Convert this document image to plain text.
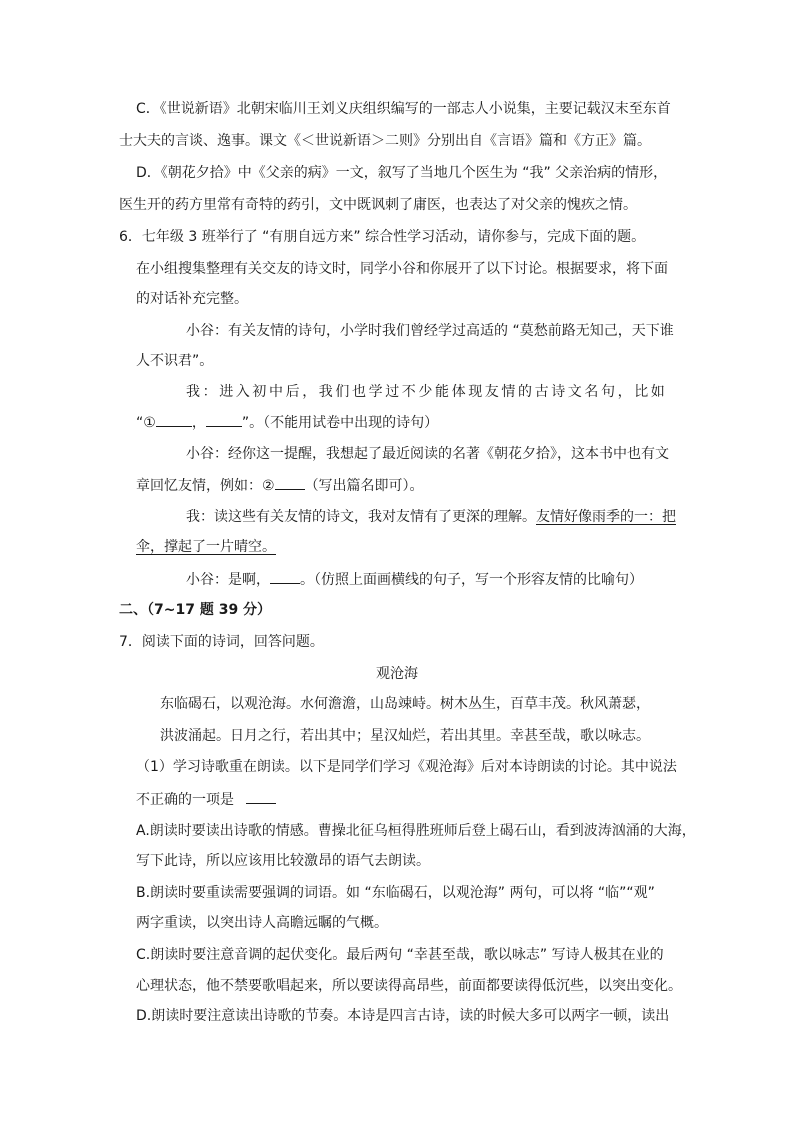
C．《世说新语》北朝宋临川王刘义庆组织编写的一部志人小说集，主要记载汉末至东首
士大夫的言谈、逸事。课文《＜世说新语＞二则》分别出自《言语》篇和《方正》篇。
D．《朝花夕拾》中《父亲的病》一文，叙写了当地几个医生为 “我” 父亲治病的情形，
医生开的药方里常有奇特的药引，文中既讽刺了庸医，也表达了对父亲的愧疚之情。
6．七年级 3 班举行了 “有朋自远方来” 综合性学习活动，请你参与，完成下面的题。
在小组搜集整理有关交友的诗文时，同学小谷和你展开了以下讨论。根据要求，将下面
的对话补充完整。
小谷：有关友情的诗句，小学时我们曾经学过高适的 “莫愁前路无知己，天下谁
人不识君”。
我：进入初中后，我们也学过不少能体现友情的古诗文名句，比如
“①	，	”。（不能用试卷中出现的诗句）
小谷：经你这一提醒，我想起了最近阅读的名著《朝花夕拾》，这本书中也有文
章回忆友情，例如：② （写出篇名即可）。
我：读这些有关友情的诗文，我对友情有了更深的理解。友情好像雨季的一：把
伞，撑起了一片晴空。
小谷：是啊， 。（仿照上面画横线的句子，写一个形容友情的比喻句）
二、（7~17 题 39 分）
7．阅读下面的诗词，回答问题。
观沧海
东临碣石，以观沧海。水何澹澹，山岛竦峙。树木丛生，百草丰茂。秋风萧瑟，
洪波涌起。日月之行，若出其中；星汉灿烂，若出其里。幸甚至哉，歌以咏志。
（1）学习诗歌重在朗读。以下是同学们学习《观沧海》后对本诗朗读的讨论。其中说法
不正确的一项是
A.朗读时要读出诗歌的情感。曹操北征乌桓得胜班师后登上碣石山，看到波涛汹涌的大海，
写下此诗，所以应该用比较激昂的语气去朗读。
B.朗读时要重读需要强调的词语。如 “东临碣石，以观沧海” 两句，可以将 “临”“观”
两字重读，以突出诗人高瞻远瞩的气概。
C.朗读时要注意音调的起伏变化。最后两句 “幸甚至哉，歌以咏志” 写诗人极其在业的
心理状态，他不禁要歌唱起来，所以要读得高昂些，前面都要读得低沉些，以突出变化。
D.朗读时要注意读出诗歌的节奏。本诗是四言古诗，读的时候大多可以两字一顿，读出
